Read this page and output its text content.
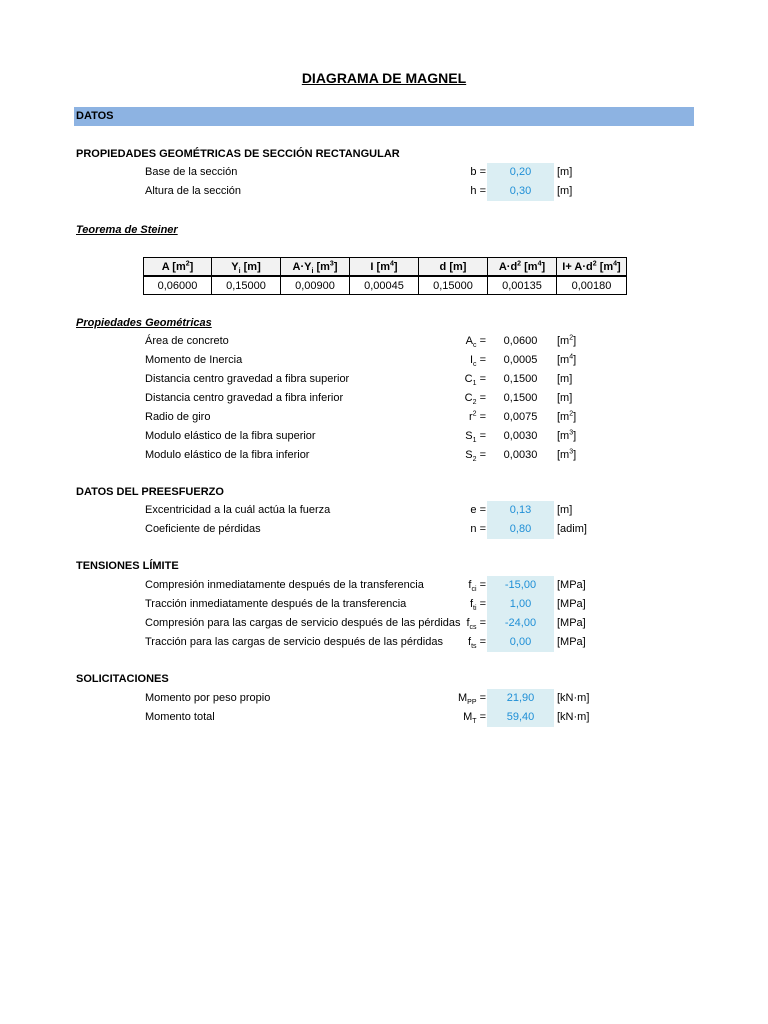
DIAGRAMA DE MAGNEL
DATOS
PROPIEDADES GEOMÉTRICAS DE SECCIÓN RECTANGULAR
Base de la sección	b =	0,20	[m]
Altura de la sección	h =	0,30	[m]
Teorema de Steiner
A $[m^2]$	$Y_i$ [m]	$A\cdot Y_i$ $[m^3]$	I $[m^4]$	d [m]	$A\cdot d^2$ $[m^4]$	$I+ A\cdot d^2$ $[m^4]$
0,06000	0,15000	0,00900	0,00045	0,15000	0,00135	0,00180
Propiedades Geométricas
Área de concreto	$A_c$ =	0,0600	$[m^2]$
Momento de Inercia	$I_c$ =	0,0005	$[m^4]$
Distancia centro gravedad a fibra superior	$C_1$ =	0,1500	[m]
Distancia centro gravedad a fibra inferior	$C_2$ =	0,1500	[m]
Radio de giro	$r^2$ =	0,0075	$[m^2]$
Modulo elástico de la fibra superior	$S_1$ =	0,0030	$[m^3]$
Modulo elástico de la fibra inferior	$S_2$ =	0,0030	$[m^3]$
DATOS DEL PREESFUERZO
Excentricidad a la cuál actúa la fuerza	e =	0,13	[m]
Coeficiente de pérdidas	n =	0,80	[adim]
TENSIONES LÍMITE
Compresión inmediatamente después de la transferencia	$f_{ci}$ =	-15,00	[MPa]
Tracción inmediatamente después de la transferencia	$f_{ti}$ =	1,00	[MPa]
Compresión para las cargas de servicio después de las pérdidas $f_{cs}$ =	-24,00	[MPa]
Tracción para las cargas de servicio después de las pérdidas	$f_{ts}$ =	0,00	[MPa]
SOLICITACIONES
Momento por peso propio	$M_{PP}$ =	21,90	[kN·m]
Momento total	$M_T$ =	59,40	[kN·m]
